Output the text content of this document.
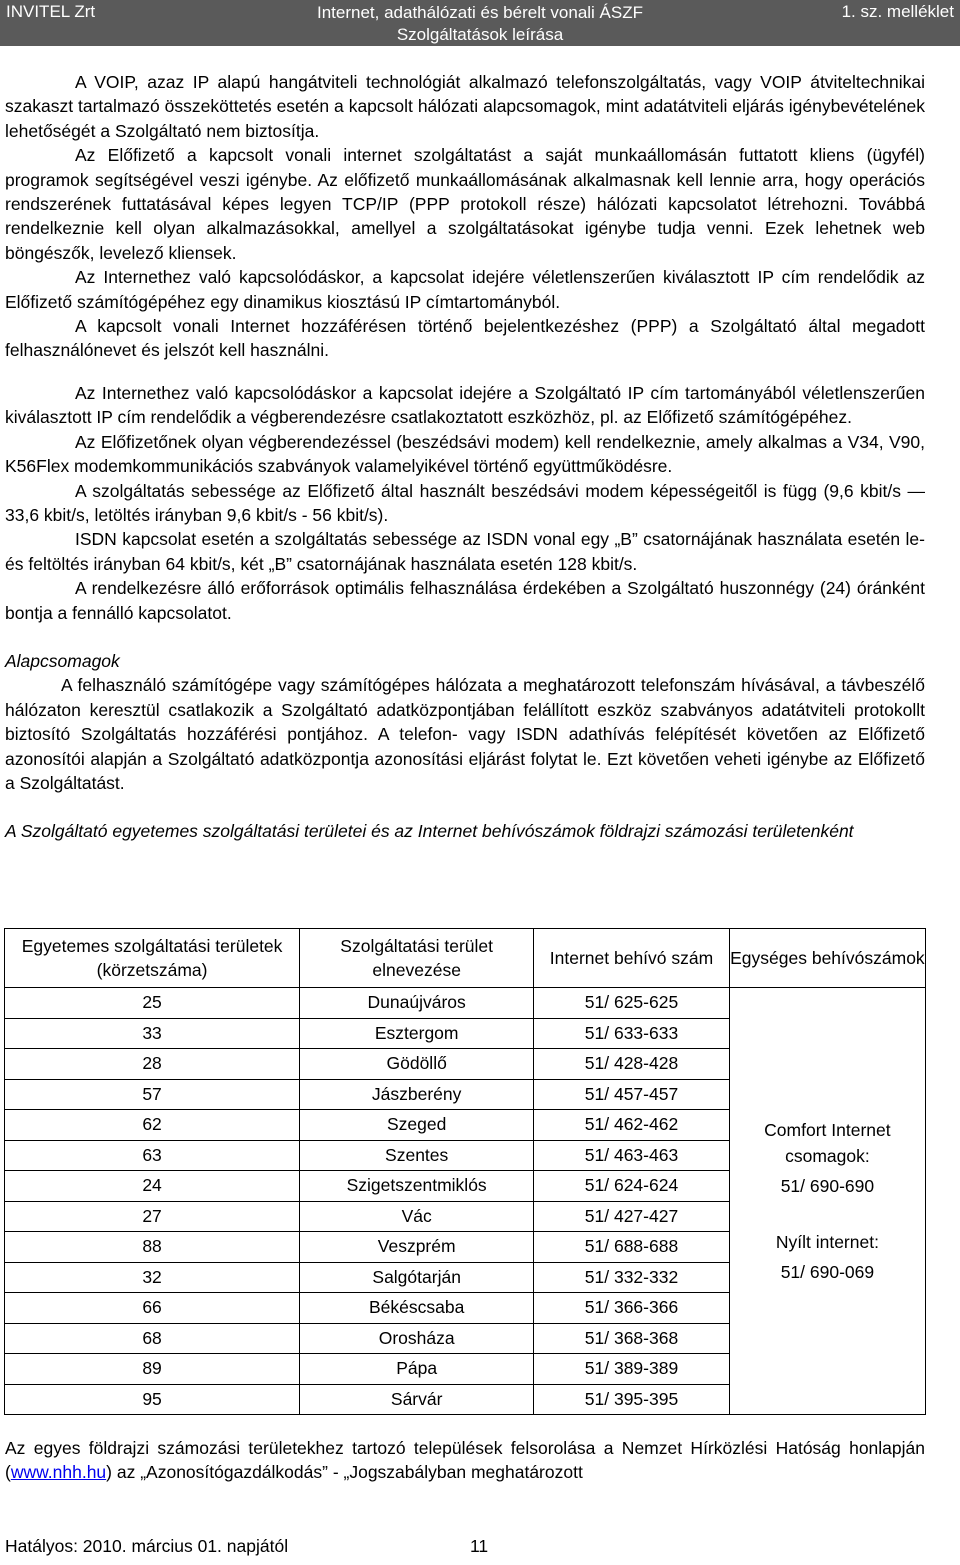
INVITEL Zrt	Internet, adathálózati és bérelt vonali ÁSZF
Szolgáltatások leírása
1. sz. melléklet

A VOIP, azaz IP alapú hangátviteli technológiát alkalmazó telefonszolgáltatás, vagy VOIP átviteltechnikai szakaszt tartalmazó összeköttetés esetén a kapcsolt hálózati alapcsomagok, mint adatátviteli eljárás igénybevételének lehetőségét a Szolgáltató nem biztosítja.

Az Előfizető a kapcsolt vonali internet szolgáltatást a saját munkaállomásán futtatott kliens (ügyfél) programok segítségével veszi igénybe. Az előfizető munkaállomásának alkalmasnak kell lennie arra, hogy operációs rendszerének futtatásával képes legyen TCP/IP (PPP protokoll része) hálózati kapcsolatot létrehozni. Továbbá rendelkeznie kell olyan alkalmazásokkal, amellyel a szolgáltatásokat igénybe tudja venni. Ezek lehetnek web böngészők, levelező kliensek.

Az Internethez való kapcsolódáskor, a kapcsolat idejére véletlenszerűen kiválasztott IP cím rendelődik az Előfizető számítógépéhez egy dinamikus kiosztású IP címtartományból.

A kapcsolt vonali Internet hozzáférésen történő bejelentkezéshez (PPP) a Szolgáltató által megadott felhasználónevet és jelszót kell használni.

Az Internethez való kapcsolódáskor a kapcsolat idejére a Szolgáltató IP cím tartományából véletlenszerűen kiválasztott IP cím rendelődik a végberendezésre csatlakoztatott eszközhöz, pl. az Előfizető számítógépéhez.

Az Előfizetőnek olyan végberendezéssel (beszédsávi modem) kell rendelkeznie, amely alkalmas a V34, V90, K56Flex modemkommunikációs szabványok valamelyikével történő együttműködésre.

A szolgáltatás sebessége az Előfizető által használt beszédsávi modem képességeitől is függ (9,6 kbit/s — 33,6 kbit/s, letöltés irányban 9,6 kbit/s - 56 kbit/s).

ISDN kapcsolat esetén a szolgáltatás sebessége az ISDN vonal egy „B” csatornájának használata esetén le- és feltöltés irányban 64 kbit/s, két „B” csatornájának használata esetén 128 kbit/s.

A rendelkezésre álló erőforrások optimális felhasználása érdekében a Szolgáltató huszonnégy (24) óránként bontja a fennálló kapcsolatot.

Alapcsomagok

A felhasználó számítógépe vagy számítógépes hálózata a meghatározott telefonszám hívásával, a távbeszélő hálózaton keresztül csatlakozik a Szolgáltató adatközpontjában felállított eszköz szabványos adatátviteli protokollt biztosító Szolgáltatás hozzáférési pontjához. A telefon- vagy ISDN adathívás felépítését követően az Előfizető azonosítói alapján a Szolgáltató adatközpontja azonosítási eljárást folytat le. Ezt követően veheti igénybe az Előfizető a Szolgáltatást.

A Szolgáltató egyetemes szolgáltatási területei és az Internet behívószámok földrajzi számozási területenként

Egyetemes szolgáltatási területek (körzetszáma)	Szolgáltatási terület elnevezése	Internet behívó szám	Egységes behívószámok
25	Dunaújváros	51/ 625-625	Comfort Internet csomagok:
51/ 690-690
Nyílt internet:
51/ 690-069

33	Esztergom	51/ 633-633	
28	Gödöllő	51/ 428-428	
57	Jászberény	51/ 457-457	
62	Szeged	51/ 462-462	
63	Szentes	51/ 463-463	
24	Szigetszentmiklós	51/ 624-624	
27	Vác	51/ 427-427	
88	Veszprém	51/ 688-688	
32	Salgótarján	51/ 332-332	
66	Békéscsaba	51/ 366-366	
68	Orosháza	51/ 368-368	
89	Pápa	51/ 389-389	
95	Sárvár	51/ 395-395	
Az egyes földrajzi számozási területekhez tartozó települések felsorolása a Nemzet Hírközlési Hatóság honlapján (www.nhh.hu) az „Azonosítógazdálkodás” - „Jogszabályban meghatározott
Hatályos: 2010. március 01. napjától	11
